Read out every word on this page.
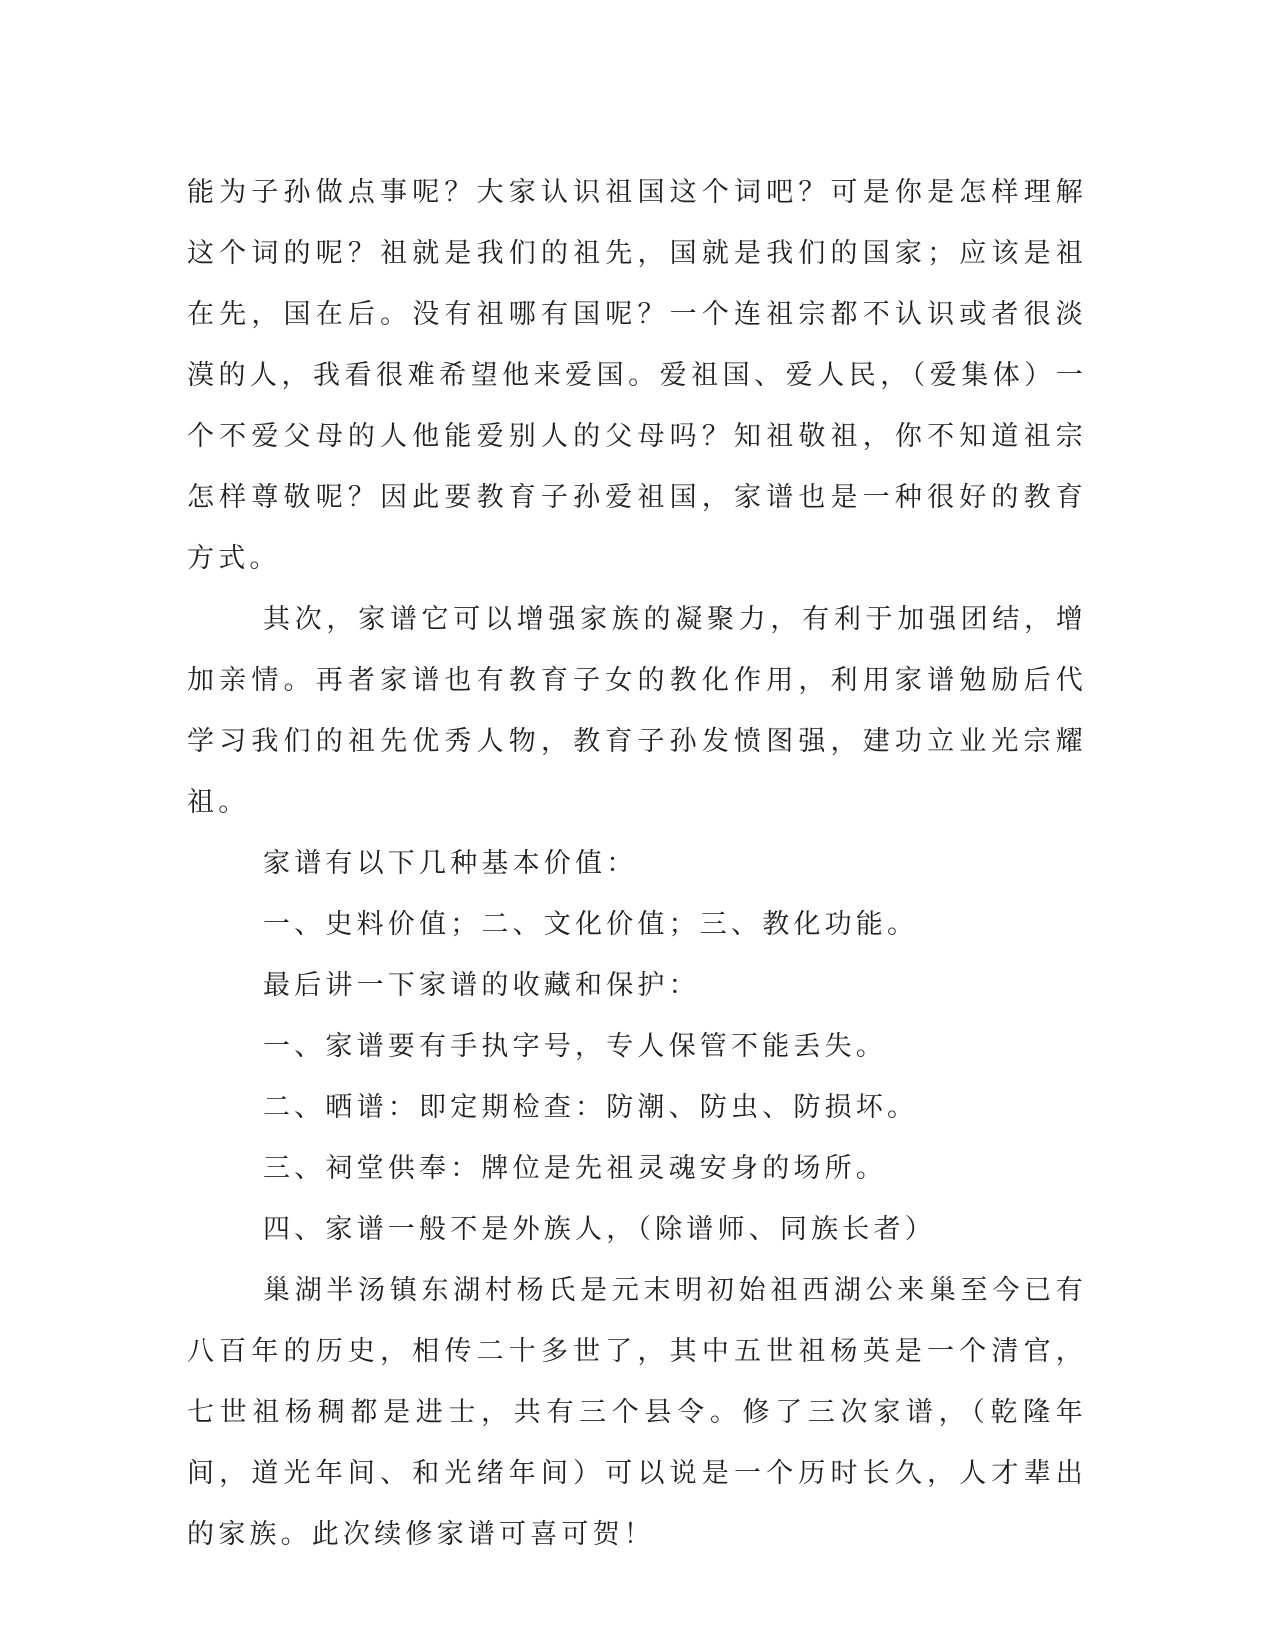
能为子孙做点事呢？大家认识祖国这个词吧？可是你是怎样理解这个词的呢？祖就是我们的祖先，国就是我们的国家；应该是祖在先，国在后。没有祖哪有国呢？一个连祖宗都不认识或者很淡漠的人，我看很难希望他来爱国。爱祖国、爱人民，（爱集体）一个不爱父母的人他能爱别人的父母吗？知祖敬祖，你不知道祖宗怎样尊敬呢？因此要教育子孙爱祖国，家谱也是一种很好的教育方式。

其次，家谱它可以增强家族的凝聚力，有利于加强团结，增加亲情。再者家谱也有教育子女的教化作用，利用家谱勉励后代学习我们的祖先优秀人物，教育子孙发愤图强，建功立业光宗耀祖。

家谱有以下几种基本价值：

一、史料价值；二、文化价值；三、教化功能。

最后讲一下家谱的收藏和保护：

一、家谱要有手执字号，专人保管不能丢失。

二、晒谱：即定期检查：防潮、防虫、防损坏。

三、祠堂供奉：牌位是先祖灵魂安身的场所。

四、家谱一般不是外族人，（除谱师、同族长者）

巢湖半汤镇东湖村杨氏是元末明初始祖西湖公来巢至今已有八百年的历史，相传二十多世了，其中五世祖杨英是一个清官，七世祖杨稠都是进士，共有三个县令。修了三次家谱，（乾隆年间，道光年间、和光绪年间）可以说是一个历时长久，人才辈出的家族。此次续修家谱可喜可贺！
